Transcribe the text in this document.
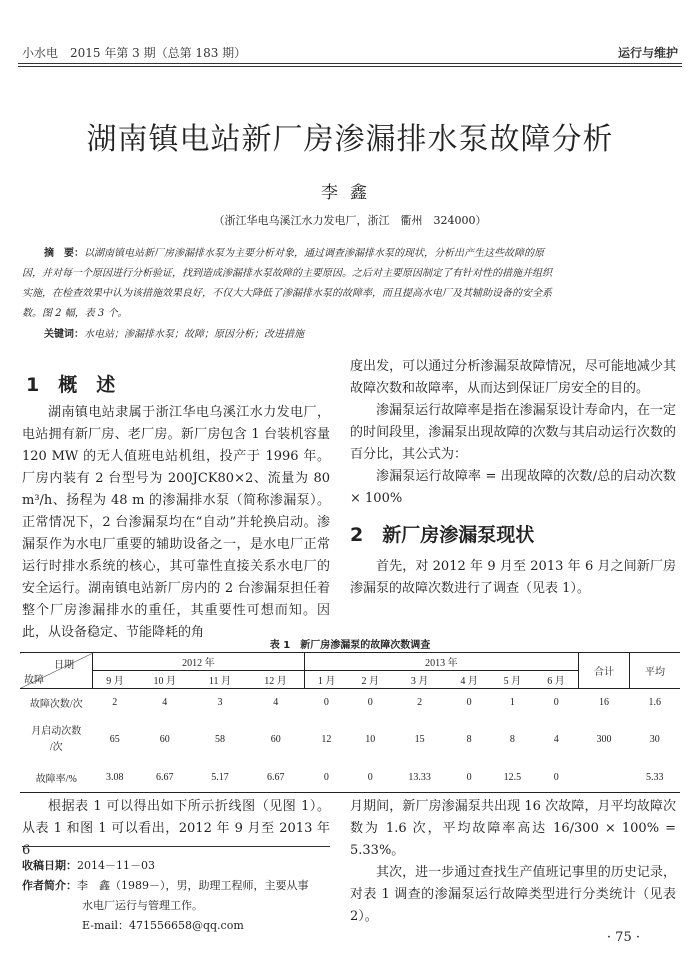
小水电　2015 年第 3 期（总第 183 期）	运行与维护
湖南镇电站新厂房渗漏排水泵故障分析
李鑫
（浙江华电乌溪江水力发电厂，浙江　衢州　324000）
摘　要：以湖南镇电站新厂房渗漏排水泵为主要分析对象，通过调查渗漏排水泵的现状，分析出产生这些故障的原
因，并对每一个原因进行分析验证，找到造成渗漏排水泵故障的主要原因。之后对主要原因制定了有针对性的措施并组织
实施，在检查效果中认为该措施效果良好，不仅大大降低了渗漏排水泵的故障率，而且提高水电厂及其辅助设备的安全系
数。图 2 幅，表 3 个。
关键词：水电站；渗漏排水泵；故障；原因分析；改进措施
1　概　述

湖南镇电站隶属于浙江华电乌溪江水力发电厂，电站拥有新厂房、老厂房。新厂房包含 1 台装机容量 120 MW 的无人值班电站机组，投产于 1996 年。厂房内装有 2 台型号为 200JCK80×2、流量为 80 m³/h、扬程为 48 m 的渗漏排水泵（简称渗漏泵）。正常情况下，2 台渗漏泵均在“自动”并轮换启动。渗漏泵作为水电厂重要的辅助设备之一，是水电厂正常运行时排水系统的核心，其可靠性直接关系水电厂的安全运行。湖南镇电站新厂房内的 2 台渗漏泵担任着整个厂房渗漏排水的重任，其重要性可想而知。因此，从设备稳定、节能降耗的角

度出发，可以通过分析渗漏泵故障情况，尽可能地减少其故障次数和故障率，从而达到保证厂房安全的目的。

渗漏泵运行故障率是指在渗漏泵设计寿命内，在一定的时间段里，渗漏泵出现故障的次数与其启动运行次数的百分比，其公式为：

渗漏泵运行故障率 = 出现故障的次数/总的启动次数 × 100%

2　新厂房渗漏泵现状

首先，对 2012 年 9 月至 2013 年 6 月之间新厂房渗漏泵的故障次数进行了调查（见表 1）。

表 1　新厂房渗漏泵的故障次数调查
日期
故障	2012 年				2013 年						合计	平均
	9 月	10 月	11 月	12 月	1 月	2 月	3 月	4 月	5 月	6 月		
故障次数/次	2	4	3	4	0	0	2	0	1	0	16	1.6
月启动次数
/次	65	60	58	60	12	10	15	8	8	4	300	30
故障率/%	3.08	6.67	5.17	6.67	0	0	13.33	0	12.5	0		5.33

根据表 1 可以得出如下所示折线图（见图 1）。从表 1 和图 1 可以看出，2012 年 9 月至 2013 年 6

收稿日期：2014－11－03
作者简介：李　鑫（1989－），男，助理工程师，主要从事
水电厂运行与管理工作。
E-mail：471556658@qq.com

月期间，新厂房渗漏泵共出现 16 次故障，月平均故障次数为 1.6 次，平均故障率高达 16/300 × 100% = 5.33%。

其次，进一步通过查找生产值班记事里的历史记录，对表 1 调查的渗漏泵运行故障类型进行分类统计（见表 2）。

· 75 ·
